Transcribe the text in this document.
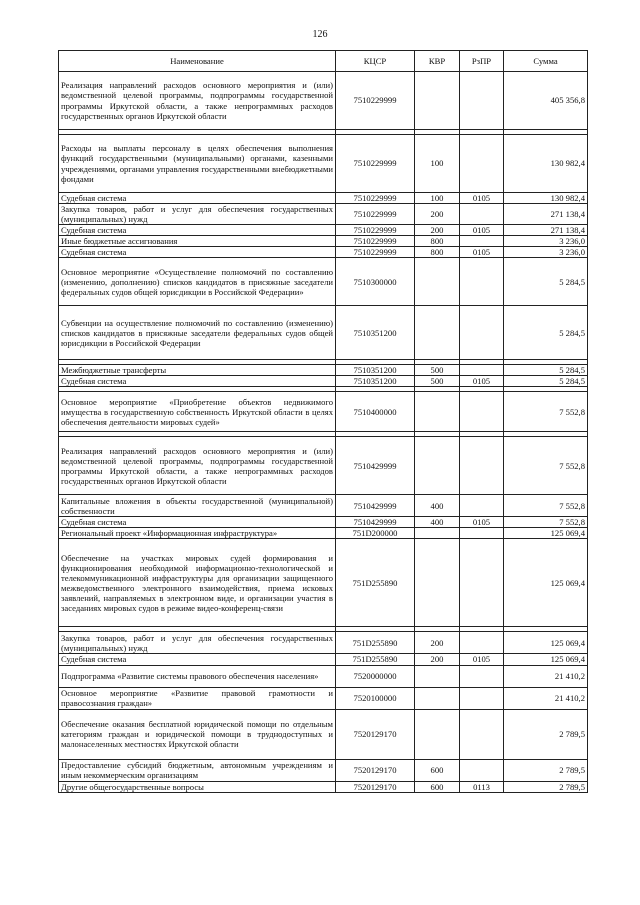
126
Наименование	КЦСР	КВР	РзПР	Сумма
Реализация направлений расходов основного мероприятия и (или) ведомственной целевой программы, подпрограммы государственной программы Иркутской области, а также непрограммных расходов государственных органов Иркутской области	7510229999			405 356,8

Расходы на выплаты персоналу в целях обеспечения выполнения функций государственными (муниципальными) органами, казенными учреждениями, органами управления государственными внебюджетными фондами	7510229999	100		130 982,4
Судебная система	7510229999	100	0105	130 982,4
Закупка товаров, работ и услуг для обеспечения государственных (муниципальных) нужд	7510229999	200		271 138,4
Судебная система	7510229999	200	0105	271 138,4
Иные бюджетные ассигнования	7510229999	800		3 236,0
Судебная система	7510229999	800	0105	3 236,0
Основное мероприятие «Осуществление полномочий по составлению (изменению, дополнению) списков кандидатов в присяжные заседатели федеральных судов общей юрисдикции в Российской Федерации»	7510300000			5 284,5
Субвенции на осуществление полномочий по составлению (изменению) списков кандидатов в присяжные заседатели федеральных судов общей юрисдикции в Российской Федерации	7510351200			5 284,5

Межбюджетные трансферты	7510351200	500		5 284,5
Судебная система	7510351200	500	0105	5 284,5

Основное мероприятие «Приобретение объектов недвижимого имущества в государственную собственность Иркутской области в целях обеспечения деятельности мировых судей»	7510400000			7 552,8

Реализация направлений расходов основного мероприятия и (или) ведомственной целевой программы, подпрограммы государственной программы Иркутской области, а также непрограммных расходов государственных органов Иркутской области	7510429999			7 552,8
Капитальные вложения в объекты государственной (муниципальной) собственности	7510429999	400		7 552,8
Судебная система	7510429999	400	0105	7 552,8
Региональный проект «Информационная инфраструктура»	751D200000			125 069,4
Обеспечение на участках мировых судей формирования и функционирования необходимой информационно-технологической и телекоммуникационной инфраструктуры для организации защищенного межведомственного электронного взаимодействия, приема исковых заявлений, направляемых в электронном виде, и организации участия в заседаниях мировых судов в режиме видео-конференц-связи	751D255890			125 069,4

Закупка товаров, работ и услуг для обеспечения государственных (муниципальных) нужд	751D255890	200		125 069,4
Судебная система	751D255890	200	0105	125 069,4
Подпрограмма «Развитие системы правового обеспечения населения»	7520000000			21 410,2
Основное мероприятие «Развитие правовой грамотности и правосознания граждан»	7520100000			21 410,2
Обеспечение оказания бесплатной юридической помощи по отдельным категориям граждан и юридической помощи в труднодоступных и малонаселенных местностях Иркутской области	7520129170			2 789,5
Предоставление субсидий бюджетным, автономным учреждениям и иным некоммерческим организациям	7520129170	600		2 789,5
Другие общегосударственные вопросы	7520129170	600	0113	2 789,5
